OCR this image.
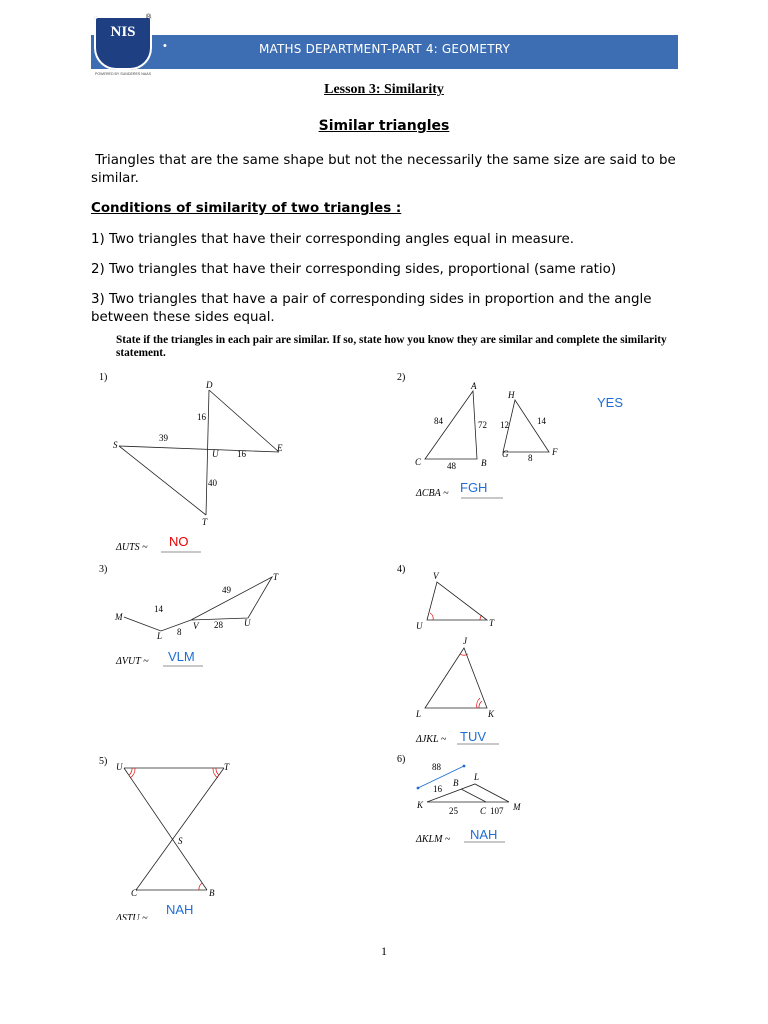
•	MATHS DEPARTMENT-PART 4: GEOMETRY
NIS
POWERED BY SUNDERES NAAS
®
Lesson 3: Similarity
Similar triangles
Triangles that are the same shape but not the necessarily the same size are said to be similar.
Conditions of similarity of two triangles :
1) Two triangles that have their corresponding angles equal in measure.
2) Two triangles that have their corresponding sides, proportional (same ratio)
3) Two triangles that have a pair of corresponding sides in proportion and the angle between these sides equal.
State if the triangles in each pair are similar. If so, state how you know they are similar and complete the similarity statement.
1)
D
S	E
U
T
16
39
16
40
ΔUTS ~
2)
A
C	B
H
G	F
84	72
48
12	14
8
ΔCBA ~
3)
M
L
V	U
T
14
49
8
28
ΔVUT ~
4)
V
U	T
J
L	K
ΔJKL ~
5) U	T
S
C	B
ΔSTU ~
6)
88
16
25	107
K
B
L
C	M
ΔKLM ~
NO
FGH
YES
VLM
TUV
NAH
NAH
1
